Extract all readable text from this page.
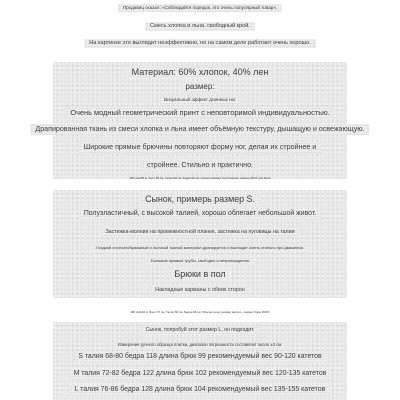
Продавец сказал: «Соблюдайте порядок, это очень популярный товар».
Смесь хлопка и льна, свободный крой.
На картинке это выглядит неэффективно, но на самом деле работает очень хорошо.
Материал: 60% хлопок, 40% лен
размер:
Визуальный эффект длинных ног
Очень модный геометрический принт с неповторимой индивидуальностью.
Драпированная ткань из смеси хлопка и льна имеет объёмную текстуру, дышащую и освежающую.
Широкие прямые брючины повторяют форму ног, делая их стройнее и
стройнее. Стильно и практично.
160 см/105 кг, бюст 85 см, талия 69 см, бедра 93 см, обычно размер S для верха, размер 26/27 для брюк
Сынок, примерь размер S.
Полуэластичный, с высокой талией, хорошо облегает небольшой живот.
Застежка-молния на промежностной планке, застежка на пуговицы на талии
Гладкий хлопчатобумажный и льняной тканый материал драпируется и выглядит очень стильно при движении.
Большие прямые трубы, свободно и непринужденно
Брюки в пол
Накладные карманы с обеих сторон
168 см/146 кг. Бюст 97 см. Талия 86 см. Бедра 98 см. Обычно ношу размер верха L, размер брюк 29/30.
Сынок, попробуй этот размер L, он подходит.
Измерение ручного образца плитки, диапазон погрешности составляет около ±3 см.
S талия 68-80 бедра 118 длина брюк 99 рекомендуемый вес 90-120 катетов
M талия 72-82 бедра 122 длина брюк 102 рекомендуемый вес 120-135 катетов
L талия 76-86 бедра 128 длина брюк 104 рекомендуемый вес 135-155 катетов
